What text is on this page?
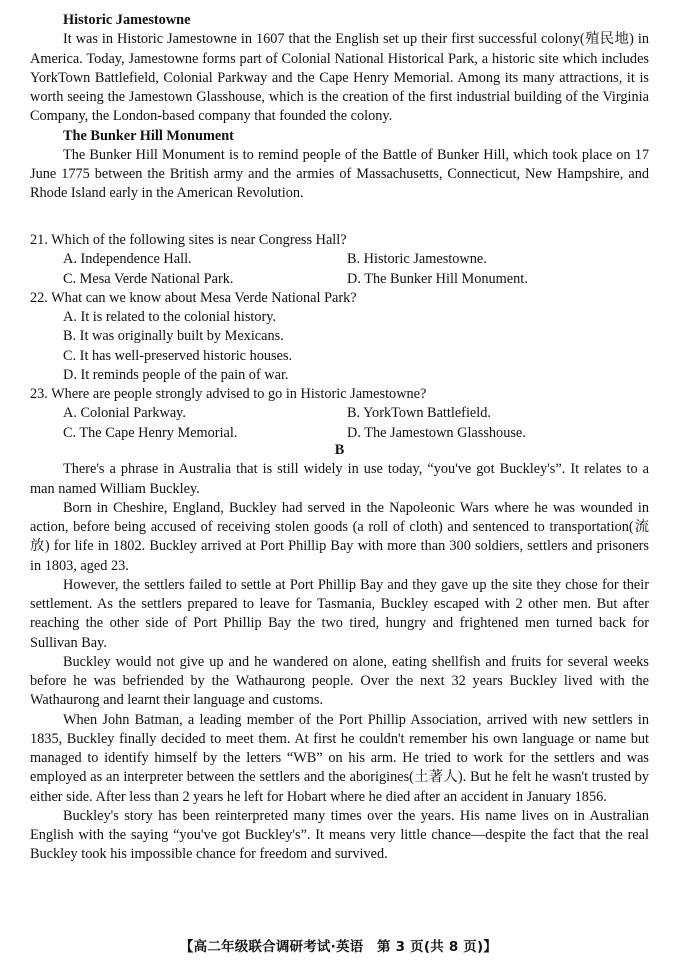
Historic Jamestowne
It was in Historic Jamestowne in 1607 that the English set up their first successful colony(殖民地) in America. Today, Jamestowne forms part of Colonial National Historical Park, a historic site which includes YorkTown Battlefield, Colonial Parkway and the Cape Henry Memorial. Among its many attractions, it is worth seeing the Jamestown Glasshouse, which is the creation of the first industrial building of the Virginia Company, the London-based company that founded the colony.
The Bunker Hill Monument
The Bunker Hill Monument is to remind people of the Battle of Bunker Hill, which took place on 17 June 1775 between the British army and the armies of Massachusetts, Connecticut, New Hampshire, and Rhode Island early in the American Revolution.
21. Which of the following sites is near Congress Hall?
A. Independence Hall.	B. Historic Jamestowne.
C. Mesa Verde National Park.	D. The Bunker Hill Monument.
22. What can we know about Mesa Verde National Park?
A. It is related to the colonial history.
B. It was originally built by Mexicans.
C. It has well-preserved historic houses.
D. It reminds people of the pain of war.
23. Where are people strongly advised to go in Historic Jamestowne?
A. Colonial Parkway.	B. YorkTown Battlefield.
C. The Cape Henry Memorial.	D. The Jamestown Glasshouse.
B
There's a phrase in Australia that is still widely in use today, “you've got Buckley's”. It relates to a man named William Buckley.
Born in Cheshire, England, Buckley had served in the Napoleonic Wars where he was wounded in action, before being accused of receiving stolen goods (a roll of cloth) and sentenced to transportation(流放) for life in 1802. Buckley arrived at Port Phillip Bay with more than 300 soldiers, settlers and prisoners in 1803, aged 23.
However, the settlers failed to settle at Port Phillip Bay and they gave up the site they chose for their settlement. As the settlers prepared to leave for Tasmania, Buckley escaped with 2 other men. But after reaching the other side of Port Phillip Bay the two tired, hungry and frightened men turned back for Sullivan Bay.
Buckley would not give up and he wandered on alone, eating shellfish and fruits for several weeks before he was befriended by the Wathaurong people. Over the next 32 years Buckley lived with the Wathaurong and learnt their language and customs.
When John Batman, a leading member of the Port Phillip Association, arrived with new settlers in 1835, Buckley finally decided to meet them. At first he couldn't remember his own language or name but managed to identify himself by the letters “WB” on his arm. He tried to work for the settlers and was employed as an interpreter between the settlers and the aborigines(土著人). But he felt he wasn't trusted by either side. After less than 2 years he left for Hobart where he died after an accident in January 1856.
Buckley's story has been reinterpreted many times over the years. His name lives on in Australian English with the saying “you've got Buckley's”. It means very little chance—despite the fact that the real Buckley took his impossible chance for freedom and survived.
【高二年级联合调研考试·英语　第 3 页(共 8 页)】
